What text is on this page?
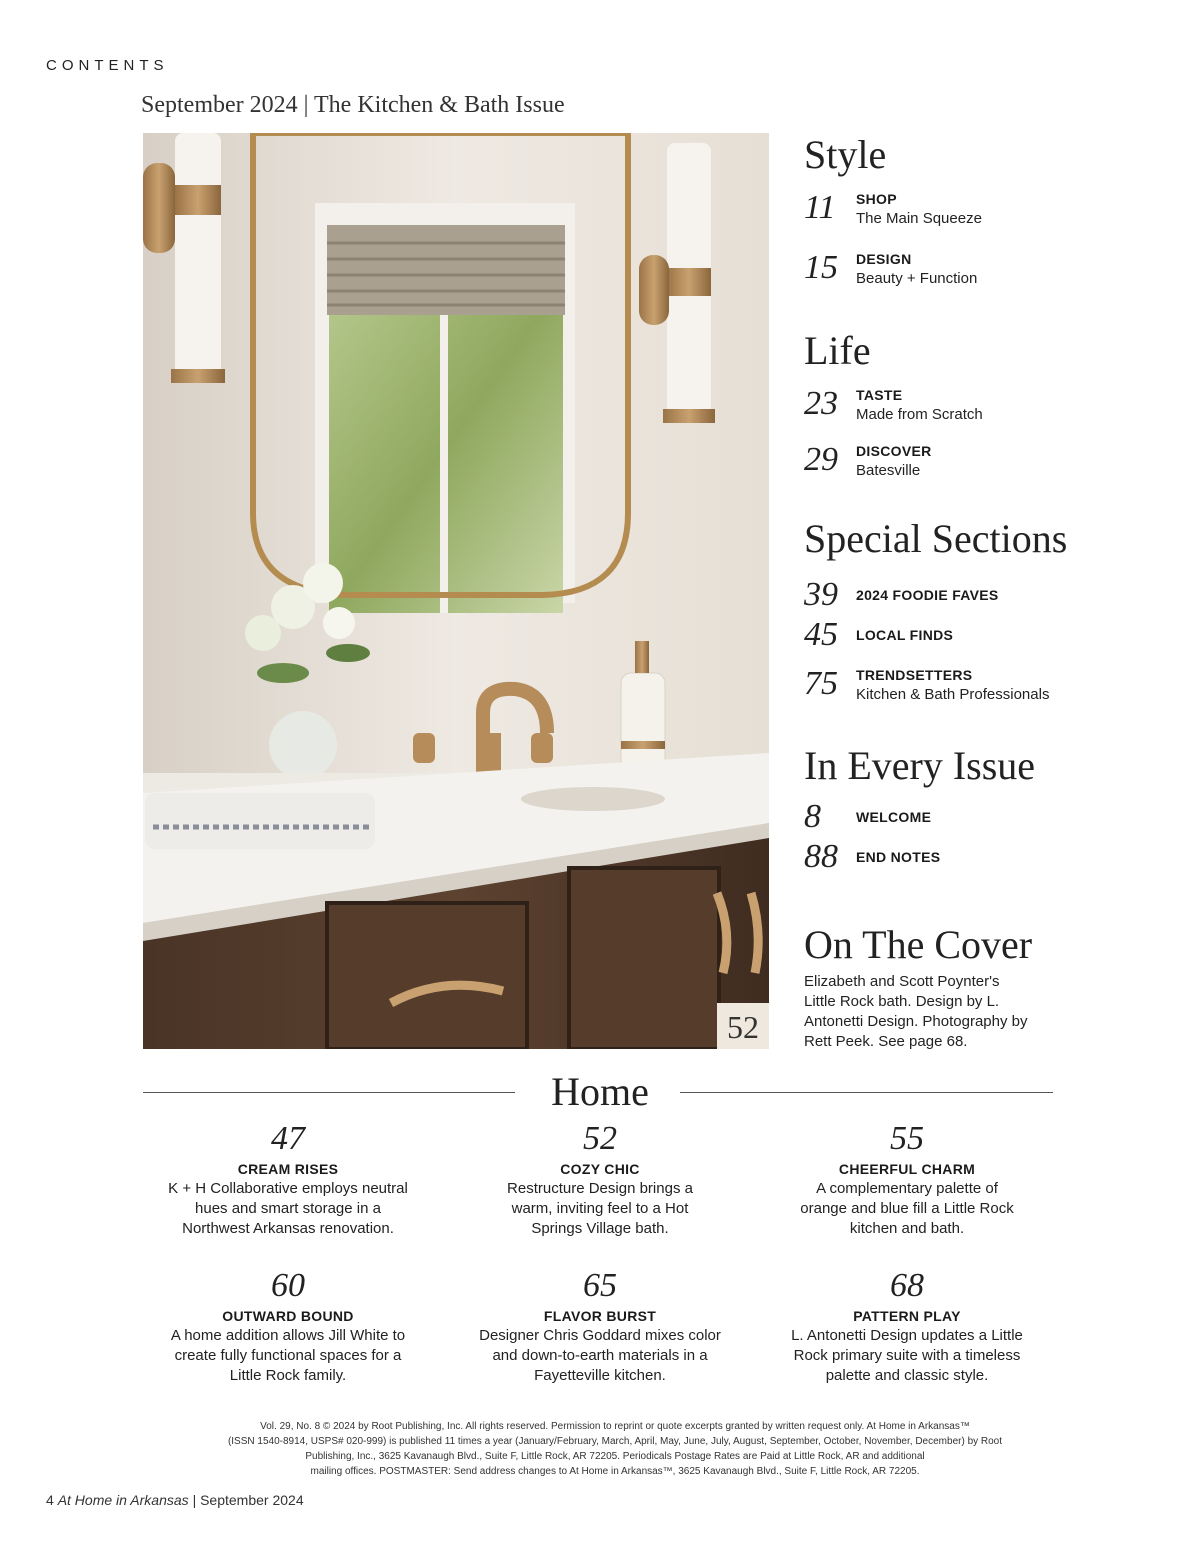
CONTENTS
September 2024 | The Kitchen & Bath Issue
52
Style
11 SHOP
The Main Squeeze
15 DESIGN
Beauty + Function
Life
23 TASTE
Made from Scratch
29 DISCOVER
Batesville
Special Sections
39 2024 FOODIE FAVES
45 LOCAL FINDS
75 TRENDSETTERS
Kitchen & Bath Professionals
In Every Issue
8	WELCOME
88 END NOTES
On The Cover
Elizabeth and Scott Poynter's Little Rock bath. Design by L. Antonetti Design. Photography by Rett Peek. See page 68.
Home
47
CREAM RISES
K + H Collaborative employs neutral hues and smart storage in a Northwest Arkansas renovation.
52
COZY CHIC
Restructure Design brings a warm, inviting feel to a Hot Springs Village bath.
55
CHEERFUL CHARM
A complementary palette of orange and blue fill a Little Rock kitchen and bath.
60
OUTWARD BOUND
A home addition allows Jill White to create fully functional spaces for a Little Rock family.
65
FLAVOR BURST
Designer Chris Goddard mixes color and down-to-earth materials in a Fayetteville kitchen.
68
PATTERN PLAY
L. Antonetti Design updates a Little Rock primary suite with a timeless palette and classic style.
Vol. 29, No. 8 © 2024 by Root Publishing, Inc. All rights reserved. Permission to reprint or quote excerpts granted by written request only. At Home in Arkansas™
(ISSN 1540-8914, USPS# 020-999) is published 11 times a year (January/February, March, April, May, June, July, August, September, October, November, December) by Root
Publishing, Inc., 3625 Kavanaugh Blvd., Suite F, Little Rock, AR 72205. Periodicals Postage Rates are Paid at Little Rock, AR and additional
mailing offices. POSTMASTER: Send address changes to At Home in Arkansas™, 3625 Kavanaugh Blvd., Suite F, Little Rock, AR 72205.
4 At Home in Arkansas | September 2024
